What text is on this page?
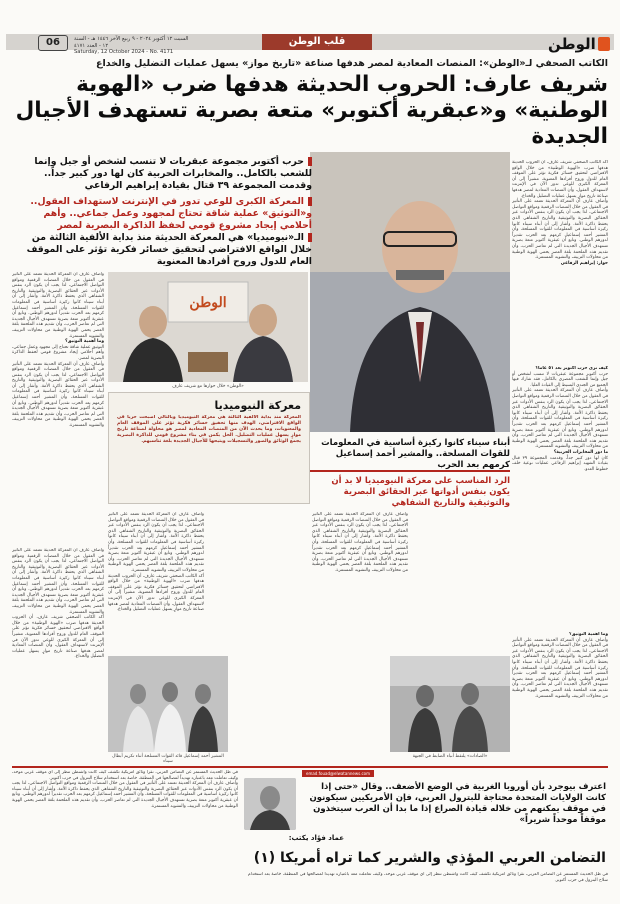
الوطن
قلب الوطن
السبت ١٢ أكتوبر ٢٠٢٤ - ٩ ربيع الآخر ١٤٤٦ هـ - السنة ١٢ - العدد ٤١٧١
Saturday, 12 October 2024 - No. 4171
06
الكاتب الصحفي لـ«الوطن»: المنصات المعادية لمصر هدفها صناعة «تاريخ مواز» يسهل عمليات التضليل والخداع
شريف عارف: الحروب الحديثة هدفها ضرب «الهوية الوطنية» و«عبقرية أكتوبر» متعة بصرية تستهدف الأجيال الجديدة

أكد الكاتب الصحفي شريف عارف، أن الحروب الحديثة هدفها ضرب «الهوية الوطنية» من خلال الواقع الافتراضي لتحقيق خسائر فكرية تؤثر على الموقف العام للدول وروح أفرادها المعنوية، مشيراً إلى أن المعركة الكبرى للوعي تدور الآن في الإنترنت لاستهداف العقول، وأن المنصات المعادية لمصر هدفها صناعة تاريخ موازٍ يسهل عمليات التضليل والخداع.

وأضاف عارف أن المعركة الحديثة تعتمد على التأثير في العقول من خلال المنصات الرقمية ومواقع التواصل الاجتماعي، لذا يجب أن يكون الرد بنفس الأدوات عبر الحقائق البصرية والتوثيقية والتاريخ الشفاهي الذي يحفظ ذاكرة الأمة. وأشار إلى أن أبناء سيناء كانوا ركيزة أساسية في المعلومات للقوات المسلحة، وأن المشير أحمد إسماعيل كرمهم بعد الحرب تقديراً لدورهم الوطني. وتابع أن عبقرية أكتوبر متعة بصرية تستهدف الأجيال الجديدة التي لم تعاصر الحرب، وأن تقديم هذه الملحمة بلغة العصر يحمي الهوية الوطنية من محاولات التزييف والتشويه المستمرة.

حوار: إبراهيم الرفاعي

كيف ترى حرب أكتوبر بعد ٥١ عاماً؟

حرب أكتوبر مجموعة عبقريات لا تنسب لشخص أو جيل وإنما للشعب المصري بالكامل، فقد شارك فيها الجميع من الجندي البسيط إلى القيادة العليا.

وأضاف عارف أن المعركة الحديثة تعتمد على التأثير في العقول من خلال المنصات الرقمية ومواقع التواصل الاجتماعي، لذا يجب أن يكون الرد بنفس الأدوات عبر الحقائق البصرية والتوثيقية والتاريخ الشفاهي الذي يحفظ ذاكرة الأمة. وأشار إلى أن أبناء سيناء كانوا ركيزة أساسية في المعلومات للقوات المسلحة، وأن المشير أحمد إسماعيل كرمهم بعد الحرب تقديراً لدورهم الوطني. وتابع أن عبقرية أكتوبر متعة بصرية تستهدف الأجيال الجديدة التي لم تعاصر الحرب، وأن تقديم هذه الملحمة بلغة العصر يحمي الهوية الوطنية من محاولات التزييف والتشويه المستمرة.

ما دور المخابرات الحربية؟

كان لها دور كبير جداً، وقدمت المجموعة ٣٩ قتال بقيادة الشهيد إبراهيم الرفاعي عمليات نوعية خلف خطوط العدو.

حرب أكتوبر مجموعة عبقريات لا تنسب لشخص أو جيل وإنما للشعب بالكامل.. والمخابرات الحربية كان لها دور كبير جداً.. وقدمت المجموعة ٣٩ قتال بقيادة إبراهيم الرفاعي
المعركة الكبرى للوعي تدور في الإنترنت لاستهداف العقول.. و«التوثيق» عملية شاقة تحتاج لمجهود وعمل جماعي.. وأهم أحلامي إيجاد مشروع قومي لحفظ الذاكرة البصرية لمصر
الـ«نيوميديا» هي المعركة الحديثة منذ بداية الألفية الثالثة من خلال الواقع الافتراضي لتحقيق خسائر فكرية تؤثر على الموقف العام للدول وروح أفرادها المعنوية
الوطن
«الوطن» خلال حوارها مع شريف عارف

وأضاف عارف أن المعركة الحديثة تعتمد على التأثير في العقول من خلال المنصات الرقمية ومواقع التواصل الاجتماعي، لذا يجب أن يكون الرد بنفس الأدوات عبر الحقائق البصرية والتوثيقية والتاريخ الشفاهي الذي يحفظ ذاكرة الأمة. وأشار إلى أن أبناء سيناء كانوا ركيزة أساسية في المعلومات للقوات المسلحة، وأن المشير أحمد إسماعيل كرمهم بعد الحرب تقديراً لدورهم الوطني. وتابع أن عبقرية أكتوبر متعة بصرية تستهدف الأجيال الجديدة التي لم تعاصر الحرب، وأن تقديم هذه الملحمة بلغة العصر يحمي الهوية الوطنية من محاولات التزييف والتشويه المستمرة.

وما أهمية التوثيق؟

التوثيق عملية شاقة تحتاج إلى مجهود وعمل جماعي، وأهم أحلامي إيجاد مشروع قومي لحفظ الذاكرة البصرية لمصر.

وأضاف عارف أن المعركة الحديثة تعتمد على التأثير في العقول من خلال المنصات الرقمية ومواقع التواصل الاجتماعي، لذا يجب أن يكون الرد بنفس الأدوات عبر الحقائق البصرية والتوثيقية والتاريخ الشفاهي الذي يحفظ ذاكرة الأمة. وأشار إلى أن أبناء سيناء كانوا ركيزة أساسية في المعلومات للقوات المسلحة، وأن المشير أحمد إسماعيل كرمهم بعد الحرب تقديراً لدورهم الوطني. وتابع أن عبقرية أكتوبر متعة بصرية تستهدف الأجيال الجديدة التي لم تعاصر الحرب، وأن تقديم هذه الملحمة بلغة العصر يحمي الهوية الوطنية من محاولات التزييف والتشويه المستمرة.

معركة النيوميديا
المعركة منذ بداية الألفية الثالثة هي معركة النيوميديا وبالتالي أصبحت حرباً في الواقع الافتراضي، الهدف منها تحقيق خسائر فكرية تؤثر على الموقف العام والمعنويات، وما يحدث الآن من المنصات المعادية لمصر هو محاولة لصناعة تاريخ موازٍ يسهل عمليات التضليل. الحل يكمن في بناء مشروع قومي للذاكرة البصرية يجمع الوثائق والصور والتسجيلات ويتيحها للأجيال الجديدة بلغة تناسبهم.	أبناء سيناء كانوا ركيزة أساسية في المعلومات للقوات المسلحة.. والمشير أحمد إسماعيل كرمهم بعد الحرب
الرد المناسب على معركة النيوميديا لا بد أن يكون بنفس أدواتها عبر الحقائق البصرية والتوثيقية والتاريخ الشفاهي

وأضاف عارف أن المعركة الحديثة تعتمد على التأثير في العقول من خلال المنصات الرقمية ومواقع التواصل الاجتماعي، لذا يجب أن يكون الرد بنفس الأدوات عبر الحقائق البصرية والتوثيقية والتاريخ الشفاهي الذي يحفظ ذاكرة الأمة. وأشار إلى أن أبناء سيناء كانوا ركيزة أساسية في المعلومات للقوات المسلحة، وأن المشير أحمد إسماعيل كرمهم بعد الحرب تقديراً لدورهم الوطني. وتابع أن عبقرية أكتوبر متعة بصرية تستهدف الأجيال الجديدة التي لم تعاصر الحرب، وأن تقديم هذه الملحمة بلغة العصر يحمي الهوية الوطنية من محاولات التزييف والتشويه المستمرة.

وأضاف عارف أن المعركة الحديثة تعتمد على التأثير في العقول من خلال المنصات الرقمية ومواقع التواصل الاجتماعي، لذا يجب أن يكون الرد بنفس الأدوات عبر الحقائق البصرية والتوثيقية والتاريخ الشفاهي الذي يحفظ ذاكرة الأمة. وأشار إلى أن أبناء سيناء كانوا ركيزة أساسية في المعلومات للقوات المسلحة، وأن المشير أحمد إسماعيل كرمهم بعد الحرب تقديراً لدورهم الوطني. وتابع أن عبقرية أكتوبر متعة بصرية تستهدف الأجيال الجديدة التي لم تعاصر الحرب، وأن تقديم هذه الملحمة بلغة العصر يحمي الهوية الوطنية من محاولات التزييف والتشويه المستمرة.

أكد الكاتب الصحفي شريف عارف، أن الحروب الحديثة هدفها ضرب «الهوية الوطنية» من خلال الواقع الافتراضي لتحقيق خسائر فكرية تؤثر على الموقف العام للدول وروح أفرادها المعنوية، مشيراً إلى أن المعركة الكبرى للوعي تدور الآن في الإنترنت لاستهداف العقول، وأن المنصات المعادية لمصر هدفها صناعة تاريخ موازٍ يسهل عمليات التضليل والخداع.

وأضاف عارف أن المعركة الحديثة تعتمد على التأثير في العقول من خلال المنصات الرقمية ومواقع التواصل الاجتماعي، لذا يجب أن يكون الرد بنفس الأدوات عبر الحقائق البصرية والتوثيقية والتاريخ الشفاهي الذي يحفظ ذاكرة الأمة. وأشار إلى أن أبناء سيناء كانوا ركيزة أساسية في المعلومات للقوات المسلحة، وأن المشير أحمد إسماعيل كرمهم بعد الحرب تقديراً لدورهم الوطني. وتابع أن عبقرية أكتوبر متعة بصرية تستهدف الأجيال الجديدة التي لم تعاصر الحرب، وأن تقديم هذه الملحمة بلغة العصر يحمي الهوية الوطنية من محاولات التزييف والتشويه المستمرة.

أكد الكاتب الصحفي شريف عارف، أن الحروب الحديثة هدفها ضرب «الهوية الوطنية» من خلال الواقع الافتراضي لتحقيق خسائر فكرية تؤثر على الموقف العام للدول وروح أفرادها المعنوية، مشيراً إلى أن المعركة الكبرى للوعي تدور الآن في الإنترنت لاستهداف العقول، وأن المنصات المعادية لمصر هدفها صناعة تاريخ موازٍ يسهل عمليات التضليل والخداع.

«الصادات» يلتقط أنباء الضابط في الجبهة
المشير أحمد إسماعيل قائد القوات المسلحة أثناء تكريم أبطال سيناء

وما أهمية التوثيق؟

وأضاف عارف أن المعركة الحديثة تعتمد على التأثير في العقول من خلال المنصات الرقمية ومواقع التواصل الاجتماعي، لذا يجب أن يكون الرد بنفس الأدوات عبر الحقائق البصرية والتوثيقية والتاريخ الشفاهي الذي يحفظ ذاكرة الأمة. وأشار إلى أن أبناء سيناء كانوا ركيزة أساسية في المعلومات للقوات المسلحة، وأن المشير أحمد إسماعيل كرمهم بعد الحرب تقديراً لدورهم الوطني. وتابع أن عبقرية أكتوبر متعة بصرية تستهدف الأجيال الجديدة التي لم تعاصر الحرب، وأن تقديم هذه الملحمة بلغة العصر يحمي الهوية الوطنية من محاولات التزييف والتشويه المستمرة.

emad.fouad@elwatannews.com
عماد فؤاد يكتب:
اعترف بيوجرد بأن أوروبا الغربية في الوضع الأضعف.. وقال «حتى إذا كانت الولايات المتحدة محتاجة للبترول العربي، فإن الأمريكيين سيكونون في موقف يمكنهم من خلاله قيادة الصراع إذا ما بدا أن العرب سيتخذون موقفاً موحداً شريراً»
التضامن العربي المؤذي والشرير كما تراه أمريكا (١)

في ظل الحديث المستمر عن التضامن العربي، نقرأ وثائق أمريكية تكشف كيف كانت واشنطن تنظر إلى أي موقف عربي موحد، وكيف تعاملت معه باعتباره تهديداً لمصالحها في المنطقة، خاصة بعد استخدام سلاح البترول في حرب أكتوبر.

وأضاف عارف أن المعركة الحديثة تعتمد على التأثير في العقول من خلال المنصات الرقمية ومواقع التواصل الاجتماعي، لذا يجب أن يكون الرد بنفس الأدوات عبر الحقائق البصرية والتوثيقية والتاريخ الشفاهي الذي يحفظ ذاكرة الأمة. وأشار إلى أن أبناء سيناء كانوا ركيزة أساسية في المعلومات للقوات المسلحة، وأن المشير أحمد إسماعيل كرمهم بعد الحرب تقديراً لدورهم الوطني. وتابع أن عبقرية أكتوبر متعة بصرية تستهدف الأجيال الجديدة التي لم تعاصر الحرب، وأن تقديم هذه الملحمة بلغة العصر يحمي الهوية الوطنية من محاولات التزييف والتشويه المستمرة.

في ظل الحديث المستمر عن التضامن العربي، نقرأ وثائق أمريكية تكشف كيف كانت واشنطن تنظر إلى أي موقف عربي موحد، وكيف تعاملت معه باعتباره تهديداً لمصالحها في المنطقة، خاصة بعد استخدام سلاح البترول في حرب أكتوبر.
